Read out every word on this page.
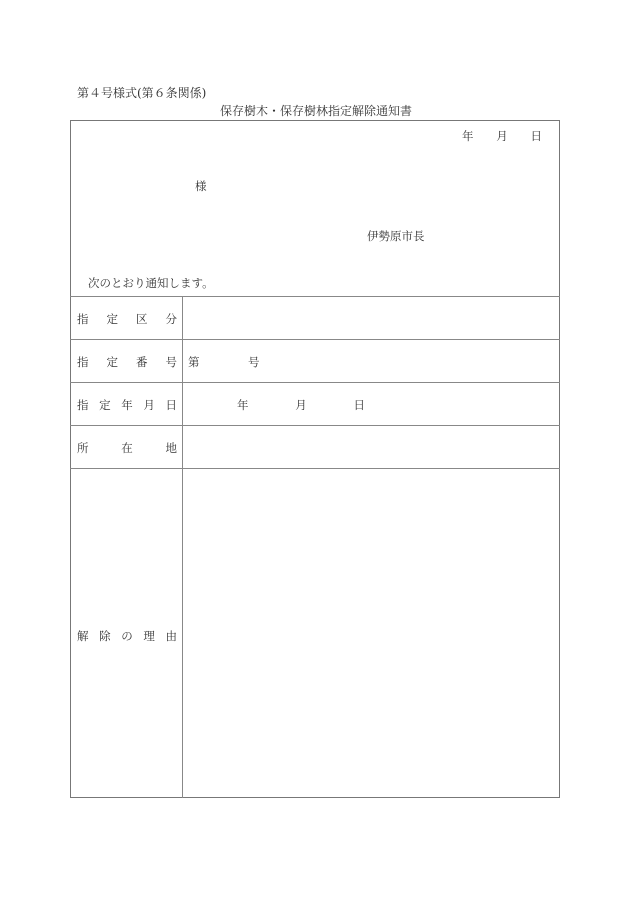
第４号様式(第６条関係)
保存樹木・保存樹林指定解除通知書
年 月 日
様
伊勢原市長
次のとおり通知します。
指 定 区 分
指 定 番 号 第	号
指 定 年 月 日	年	月	日
所	在	地
解 除 の 理 由
